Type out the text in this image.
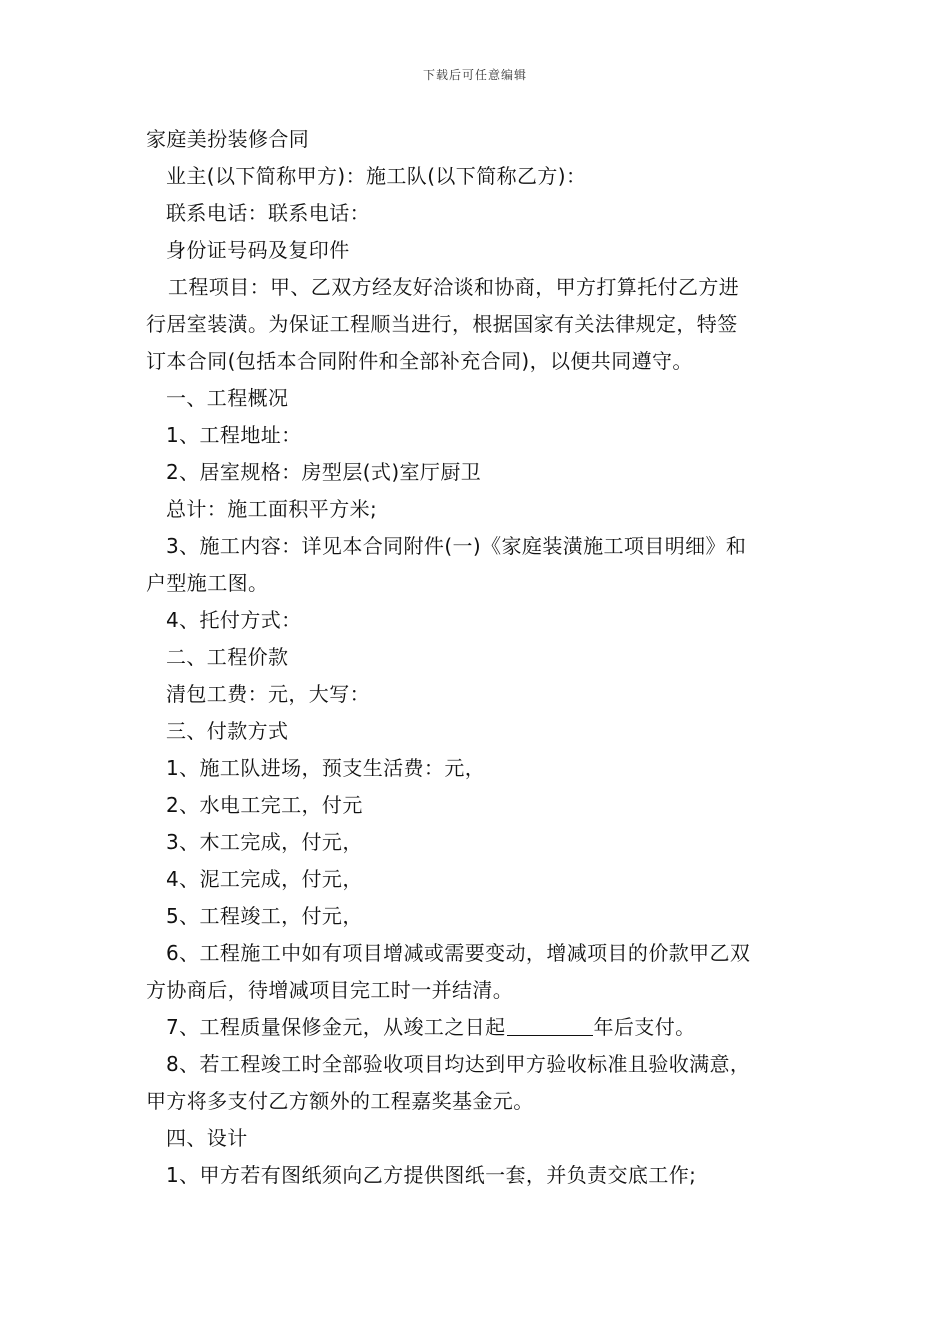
下载后可任意编辑
家庭美扮装修合同
业主(以下简称甲方)：施工队(以下简称乙方)：
联系电话：联系电话：
身份证号码及复印件
工程项目：甲、乙双方经友好洽谈和协商，甲方打算托付乙方进
行居室装潢。为保证工程顺当进行，根据国家有关法律规定，特签
订本合同(包括本合同附件和全部补充合同)，以便共同遵守。
一、工程概况
1、工程地址：
2、居室规格：房型层(式)室厅厨卫
总计：施工面积平方米;
3、施工内容：详见本合同附件(一)《家庭装潢施工项目明细》和
户型施工图。
4、托付方式：
二、工程价款
清包工费：元，大写：
三、付款方式
1、施工队进场，预支生活费：元，
2、水电工完工，付元
3、木工完成，付元，
4、泥工完成，付元，
5、工程竣工，付元，
6、工程施工中如有项目增减或需要变动，增减项目的价款甲乙双
方协商后，待增减项目完工时一并结清。
7、工程质量保修金元，从竣工之日起	年后支付。
8、若工程竣工时全部验收项目均达到甲方验收标准且验收满意，
甲方将多支付乙方额外的工程嘉奖基金元。
四、设计
1、甲方若有图纸须向乙方提供图纸一套，并负责交底工作;
